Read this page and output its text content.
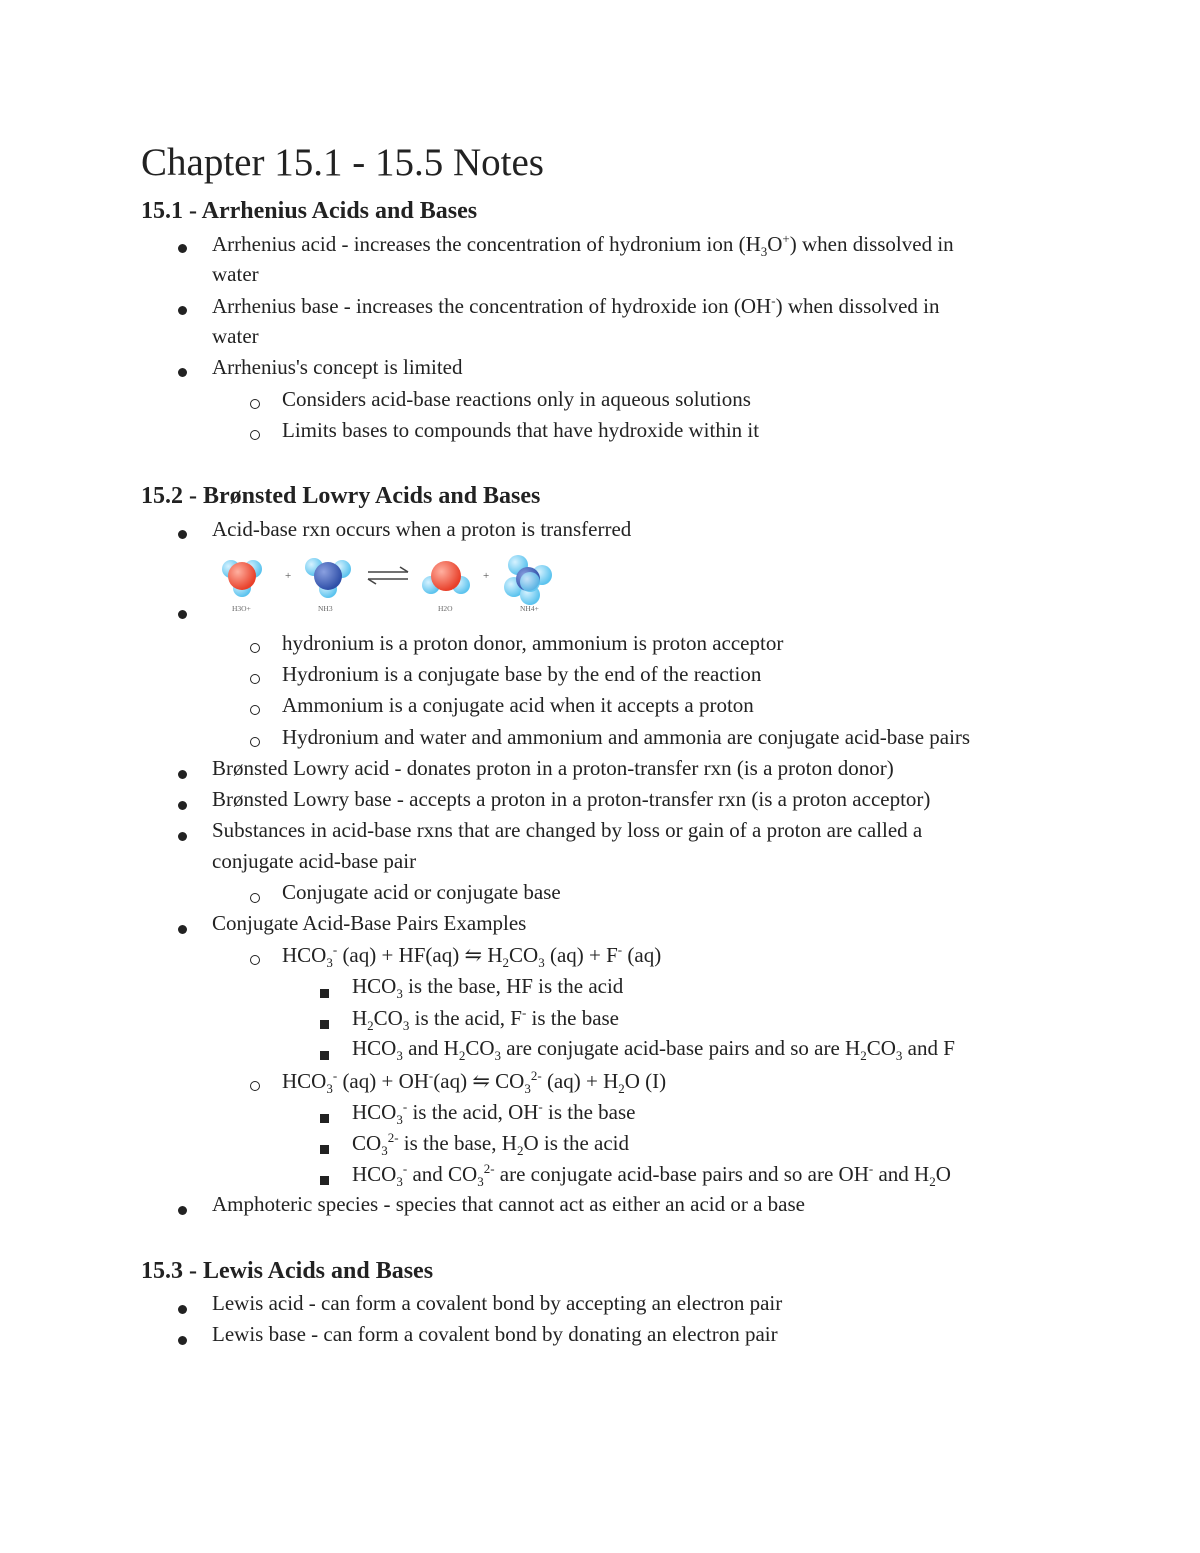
Chapter 15.1 - 15.5 Notes
15.1 - Arrhenius Acids and Bases
Arrhenius acid - increases the concentration of hydronium ion $(H_3O^+)$ when dissolved in
water
Arrhenius base - increases the concentration of hydroxide ion (OH-) when dissolved in
water
Arrhenius's concept is limited
Considers acid-base reactions only in aqueous solutions
Limits bases to compounds that have hydroxide within it
15.2 - Brønsted Lowry Acids and Bases
Acid-base rxn occurs when a proton is transferred
+	+
H3O+	NH3	H2O	NH4+
hydronium is a proton donor, ammonium is proton acceptor
Hydronium is a conjugate base by the end of the reaction
Ammonium is a conjugate acid when it accepts a proton
Hydronium and water and ammonium and ammonia are conjugate acid-base pairs
Brønsted Lowry acid - donates proton in a proton-transfer rxn (is a proton donor)
Brønsted Lowry base - accepts a proton in a proton-transfer rxn (is a proton acceptor)
Substances in acid-base rxns that are changed by loss or gain of a proton are called a
conjugate acid-base pair
Conjugate acid or conjugate base
Conjugate Acid-Base Pairs Examples
$HCO_3^-$ (aq) + HF(aq) ⇋ $H_2CO_3$ (aq) + F- (aq)
$HCO_3$ is the base, HF is the acid
$H_2CO_3$ is the acid, F- is the base
$HCO_3$ and $H_2CO_3$ are conjugate acid-base pairs and so are $H_2CO_3$ and F
$HCO_3^-$ (aq) + OH-(aq) ⇋ $CO_3^{2-}$ $(aq) + H_2O$ (I)
$HCO_3^-$ is the acid, OH- is the base
$CO_3^{2-}$ is the base, $H_2O$ is the acid
$HCO_3^-$ and $CO_3^{2-}$ are conjugate acid-base pairs and so are OH- and $H_2O$
Amphoteric species - species that cannot act as either an acid or a base
15.3 - Lewis Acids and Bases
Lewis acid - can form a covalent bond by accepting an electron pair
Lewis base - can form a covalent bond by donating an electron pair
